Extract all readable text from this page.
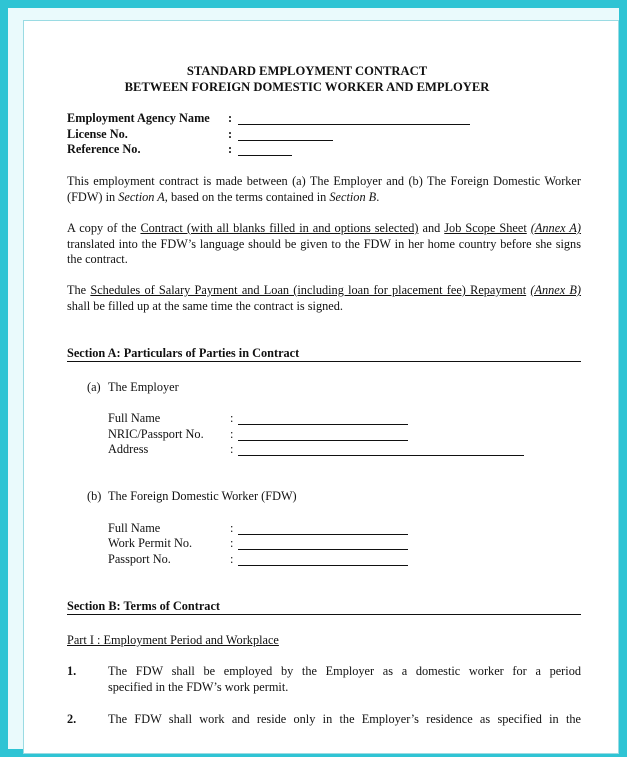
STANDARD EMPLOYMENT CONTRACT
BETWEEN FOREIGN DOMESTIC WORKER AND EMPLOYER
Employment Agency Name :
License No.	:
Reference No.	:
This employment contract is made between (a) The Employer and (b) The Foreign Domestic Worker (FDW) in Section A, based on the terms contained in Section B.
A copy of the Contract (with all blanks filled in and options selected) and Job Scope Sheet (Annex A) translated into the FDW’s language should be given to the FDW in her home country before she signs the contract.
The Schedules of Salary Payment and Loan (including loan for placement fee) Repayment (Annex B) shall be filled up at the same time the contract is signed.
Section A: Particulars of Parties in Contract
(a) The Employer
Full Name	:
NRIC/Passport No. :
Address	:
(b) The Foreign Domestic Worker (FDW)
Full Name	:
Work Permit No.	:
Passport No.	:
Section B: Terms of Contract
Part I : Employment Period and Workplace
1.	The FDW shall be employed by the Employer as a domestic worker for a period
specified in the FDW’s work permit.
2.	The FDW shall work and reside only in the Employer’s residence as specified in the
